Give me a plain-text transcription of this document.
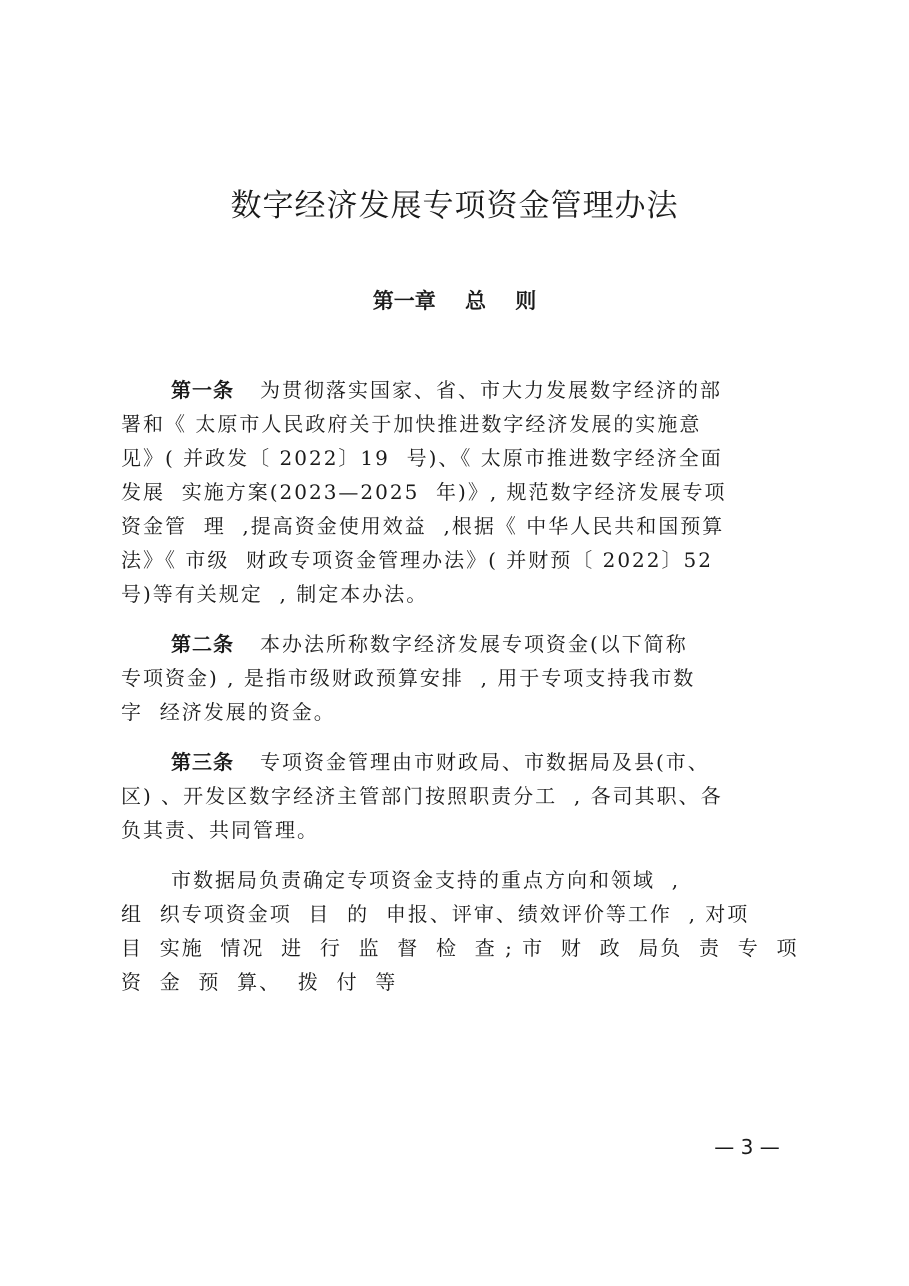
数字经济发展专项资金管理办法
第一章    总    则
第一条 为贯彻落实国家、省、市大力发展数字经济的部
署和《 太原市人民政府关于加快推进数字经济发展的实施意
见》( 并政发〔 2022〕19  号)、《 太原市推进数字经济全面
发展  实施方案(2023—2025  年)》, 规范数字经济发展专项
资金管  理  ,提高资金使用效益  ,根据《 中华人民共和国预算
法》《 市级  财政专项资金管理办法》( 并财预〔 2022〕52
号)等有关规定  , 制定本办法。
第二条 本办法所称数字经济发展专项资金(以下简称
专项资金) , 是指市级财政预算安排  , 用于专项支持我市数
字  经济发展的资金。
第三条 专项资金管理由市财政局、市数据局及县(市、
区) 、开发区数字经济主管部门按照职责分工  , 各司其职、各
负其责、共同管理。
市数据局负责确定专项资金支持的重点方向和领域  ,
组  织专项资金项  目  的  申报、评审、绩效评价等工作  , 对项
目  实施  情况  进  行  监  督  检  查 ; 市  财  政  局负  责  专  项
资  金  预  算、  拨  付  等
— 3 —
